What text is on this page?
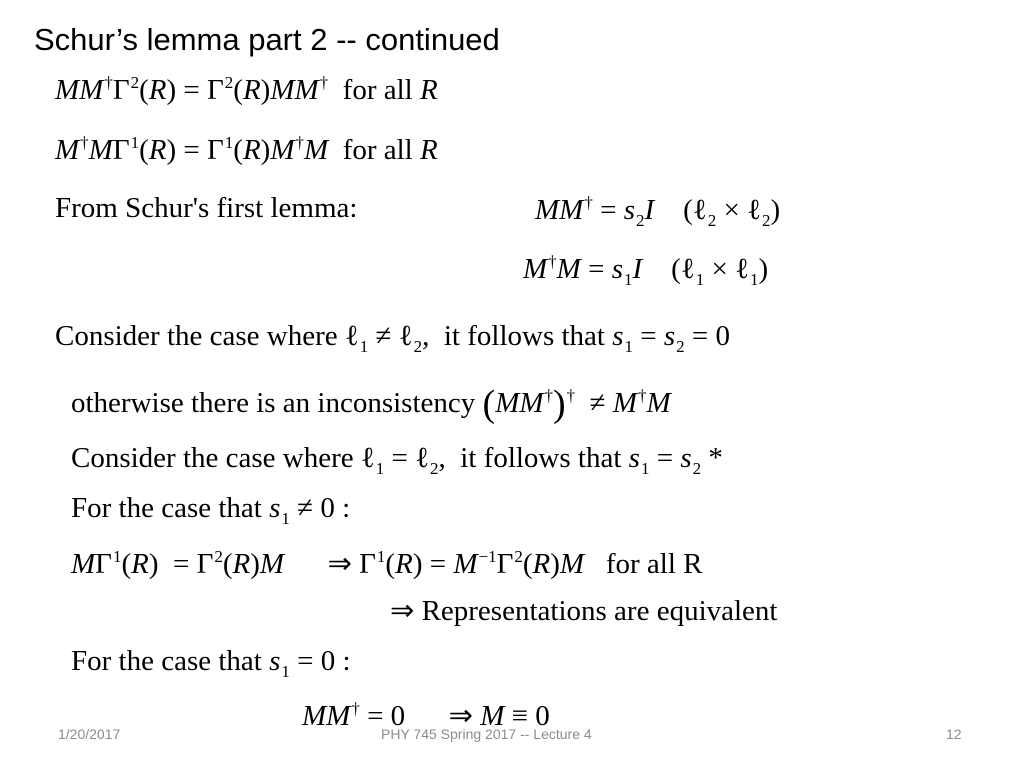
Schur’s lemma part 2 -- continued
$MM^\dagger\Gamma^2(R) = \Gamma^2(R)MM^\dagger$ for all R
$M^\dagger M\Gamma^1(R) = \Gamma^1(R)M^\dagger M$ for all R
From Schur's first lemma:	$MM^\dagger = s_2I$    (ℓ$_2$ × ℓ$_2$)
$M^\dagger M = s_1I$    (ℓ$_1$ × ℓ$_1$)
Consider the case where ℓ$_1$ ≠ ℓ$_2$,  it follows that $s_1 = s_2 = 0$
otherwise there is an inconsistency (MM†)†  ≠ M†M
Consider the case where ℓ$_1$ = ℓ$_2$,  it follows that $s_1 = s_2$ *
For the case that $s_1 \ne 0$ :
$M\Gamma^1(R) = \Gamma^2(R)M$      ⇒ $\Gamma^1(R) = M^{-1}\Gamma^2(R)M$ for all R
⇒ Representations are equivalent
For the case that $s_1 = 0$ :
MM† = 0      ⇒ M ≡ 0
1/20/2017	PHY 745 Spring 2017 -- Lecture 4	12
